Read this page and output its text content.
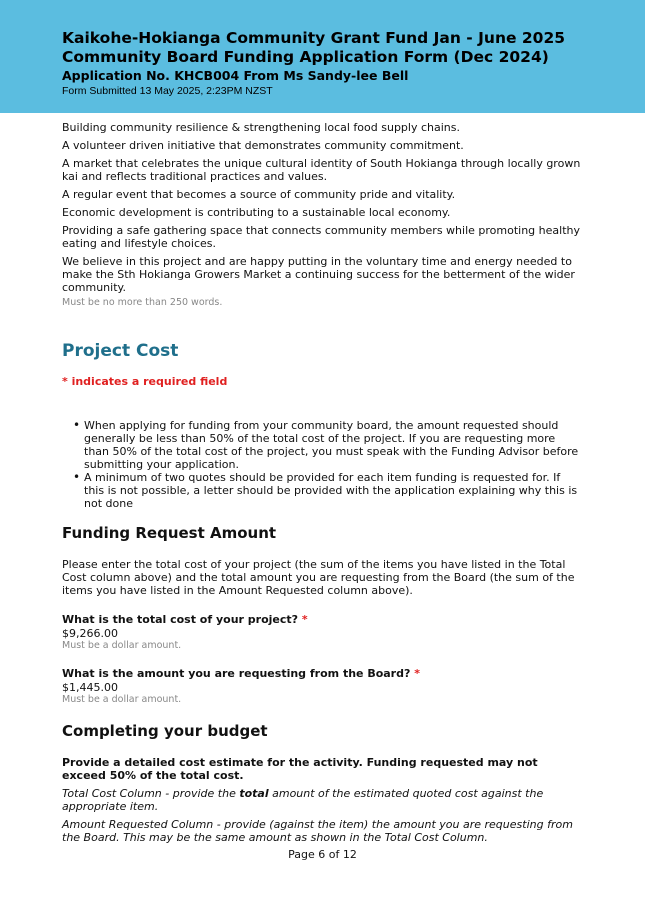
Kaikohe-Hokianga Community Grant Fund Jan - June 2025
Community Board Funding Application Form (Dec 2024)
Application No. KHCB004 From Ms Sandy-lee Bell
Form Submitted 13 May 2025, 2:23PM NZST

Building community resilience & strengthening local food supply chains.

A volunteer driven initiative that demonstrates community commitment.

A market that celebrates the unique cultural identity of South Hokianga through locally grown kai and reflects traditional practices and values.

A regular event that becomes a source of community pride and vitality.

Economic development is contributing to a sustainable local economy.

Providing a safe gathering space that connects community members while promoting healthy eating and lifestyle choices.

We believe in this project and are happy putting in the voluntary time and energy needed to make the Sth Hokianga Growers Market a continuing success for the betterment of the wider community.

Must be no more than 250 words.
Project Cost
* indicates a required field
• When applying for funding from your community board, the amount requested should generally be less than 50% of the total cost of the project. If you are requesting more than 50% of the total cost of the project, you must speak with the Funding Advisor before submitting your application.
• A minimum of two quotes should be provided for each item funding is requested for. If this is not possible, a letter should be provided with the application explaining why this is not done
Funding Request Amount

Please enter the total cost of your project (the sum of the items you have listed in the Total Cost column above) and the total amount you are requesting from the Board (the sum of the items you have listed in the Amount Requested column above).

What is the total cost of your project? *
$9,266.00
Must be a dollar amount.
What is the amount you are requesting from the Board? *
$1,445.00
Must be a dollar amount.
Completing your budget

Provide a detailed cost estimate for the activity. Funding requested may not exceed 50% of the total cost.

Total Cost Column - provide the total amount of the estimated quoted cost against the appropriate item.

Amount Requested Column - provide (against the item) the amount you are requesting from the Board. This may be the same amount as shown in the Total Cost Column.

Page 6 of 12
